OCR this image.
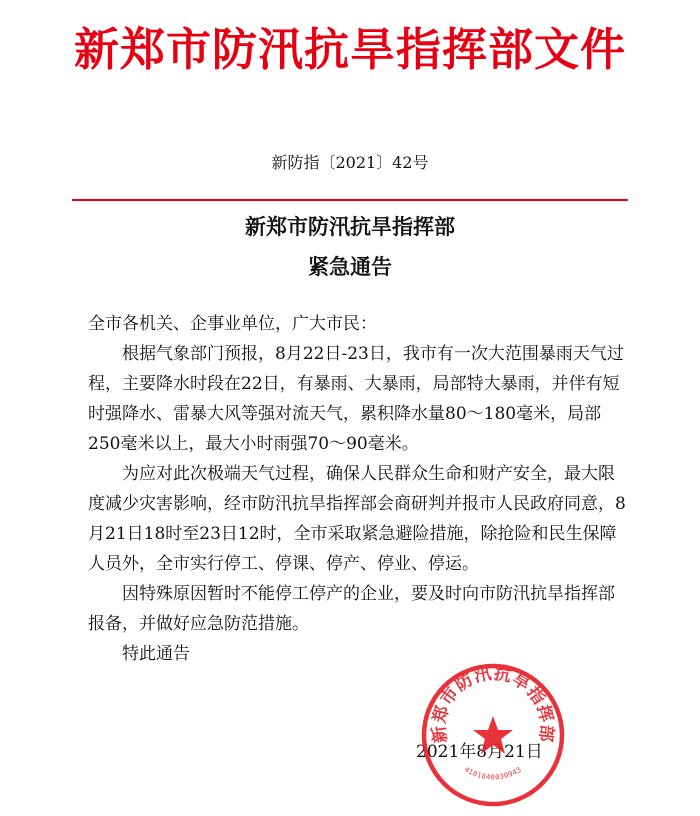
新郑市防汛抗旱指挥部文件
新防指〔2021〕42号
新郑市防汛抗旱指挥部
紧急通告

全市各机关、企事业单位，广大市民：

根据气象部门预报，8月22日-23日，我市有一次大范围暴雨天气过程，主要降水时段在22日，有暴雨、大暴雨，局部特大暴雨，并伴有短时强降水、雷暴大风等强对流天气，累积降水量80～180毫米，局部250毫米以上，最大小时雨强70～90毫米。

为应对此次极端天气过程，确保人民群众生命和财产安全，最大限度减少灾害影响，经市防汛抗旱指挥部会商研判并报市人民政府同意，8月21日18时至23日12时，全市采取紧急避险措施，除抢险和民生保障人员外，全市实行停工、停课、停产、停业、停运。

因特殊原因暂时不能停工停产的企业，要及时向市防汛抗旱指挥部报备，并做好应急防范措施。

特此通告

2021年8月21日
新郑市防汛抗旱指挥部
4101840030943
